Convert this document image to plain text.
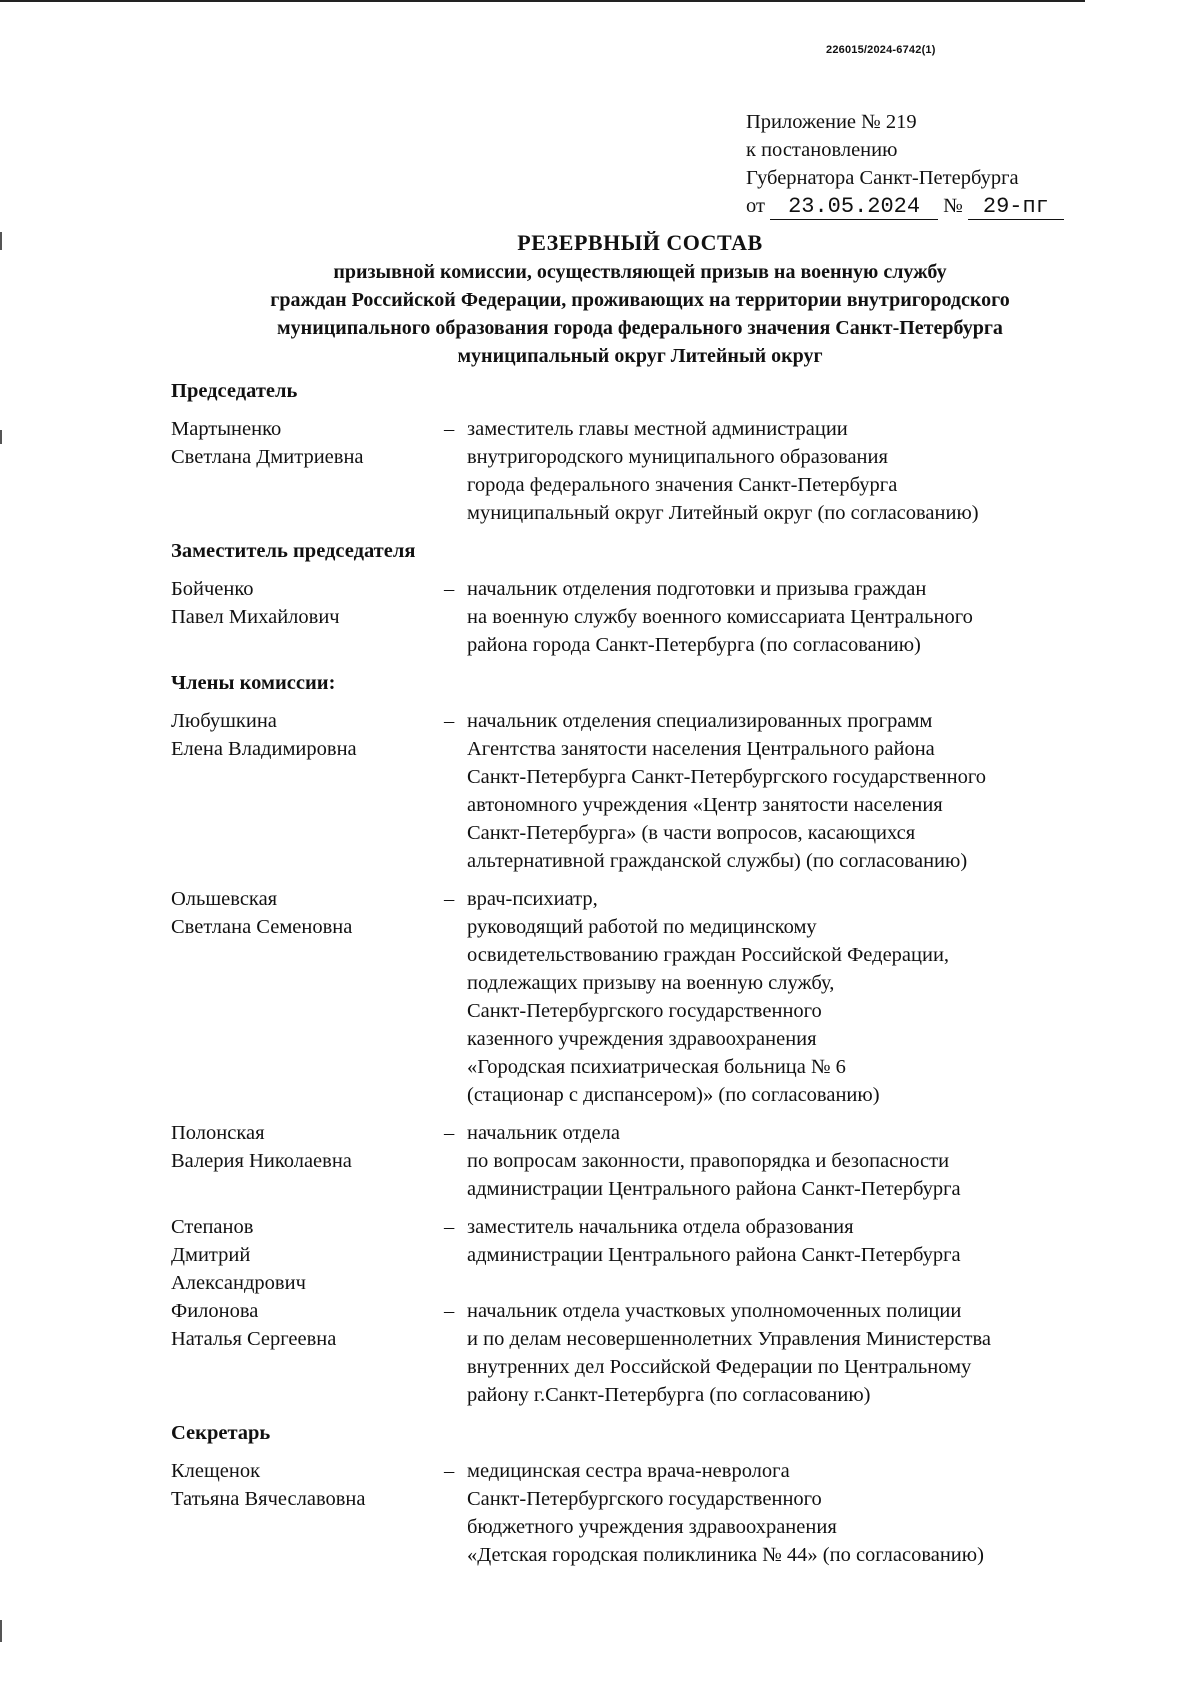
226015/2024-6742(1)
Приложение № 219
к постановлению
Губернатора Санкт-Петербурга
от 23.05.2024 № 29-пг
РЕЗЕРВНЫЙ СОСТАВ
призывной комиссии, осуществляющей призыв на военную службу
граждан Российской Федерации, проживающих на территории внутригородского
муниципального образования города федерального значения Санкт-Петербурга
муниципальный округ Литейный округ
Председатель
Мартыненко
Светлана Дмитриевна
– заместитель главы местной администрации
внутригородского муниципального образования
города федерального значения Санкт-Петербурга
муниципальный округ Литейный округ (по согласованию)
Заместитель председателя
Бойченко
Павел Михайлович
– начальник отделения подготовки и призыва граждан
на военную службу военного комиссариата Центрального
района города Санкт-Петербурга (по согласованию)
Члены комиссии:
Любушкина
Елена Владимировна
– начальник отделения специализированных программ
Агентства занятости населения Центрального района
Санкт-Петербурга Санкт-Петербургского государственного
автономного учреждения «Центр занятости населения
Санкт-Петербурга» (в части вопросов, касающихся
альтернативной гражданской службы) (по согласованию)
Ольшевская
Светлана Семеновна
– врач-психиатр,
руководящий работой по медицинскому
освидетельствованию граждан Российской Федерации,
подлежащих призыву на военную службу,
Санкт-Петербургского государственного
казенного учреждения здравоохранения
«Городская психиатрическая больница № 6
(стационар с диспансером)» (по согласованию)
Полонская
Валерия Николаевна
– начальник отдела
по вопросам законности, правопорядка и безопасности
администрации Центрального района Санкт-Петербурга
Степанов
Дмитрий
Александрович
– заместитель начальника отдела образования
администрации Центрального района Санкт-Петербурга

Филонова
Наталья Сергеевна
– начальник отдела участковых уполномоченных полиции
и по делам несовершеннолетних Управления Министерства
внутренних дел Российской Федерации по Центральному
району г.Санкт-Петербурга (по согласованию)
Секретарь
Клещенок
Татьяна Вячеславовна
– медицинская сестра врача-невролога
Санкт-Петербургского государственного
бюджетного учреждения здравоохранения
«Детская городская поликлиника № 44» (по согласованию)
